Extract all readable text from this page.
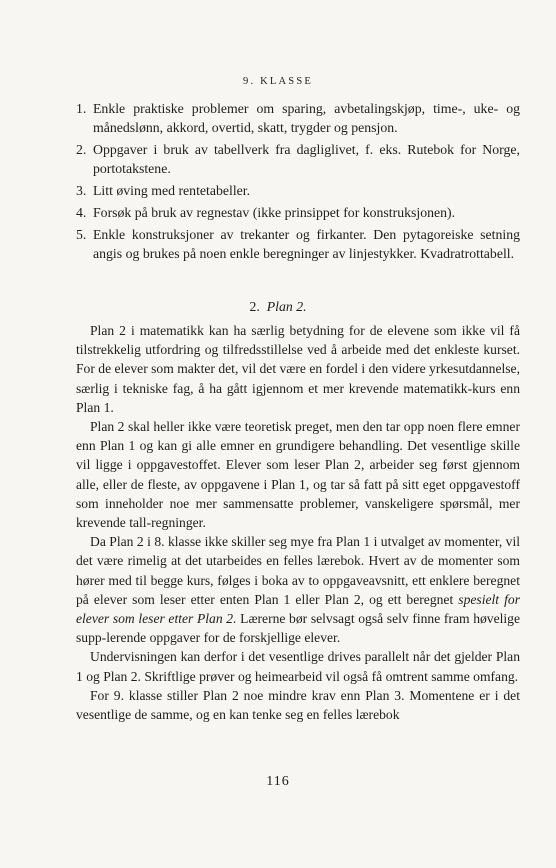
9. KLASSE
1. Enkle praktiske problemer om sparing, avbetalingskjøp, time-, uke- og månedslønn, akkord, overtid, skatt, trygder og pensjon.
2. Oppgaver i bruk av tabellverk fra dagliglivet, f. eks. Rutebok for Norge, portotakstene.
3. Litt øving med rentetabeller.
4. Forsøk på bruk av regnestav (ikke prinsippet for konstruksjonen).
5. Enkle konstruksjoner av trekanter og firkanter. Den pytagoreiske setning angis og brukes på noen enkle beregninger av linjestykker. Kvadratrottabell.
2. Plan 2.

Plan 2 i matematikk kan ha særlig betydning for de elevene som ikke vil få tilstrekkelig utfordring og tilfredsstillelse ved å arbeide med det enkleste kurset. For de elever som makter det, vil det være en fordel i den videre yrkesutdannelse, særlig i tekniske fag, å ha gått igjennom et mer krevende matematikk-kurs enn Plan 1.

Plan 2 skal heller ikke være teoretisk preget, men den tar opp noen flere emner enn Plan 1 og kan gi alle emner en grundigere behandling. Det vesentlige skille vil ligge i oppgavestoffet. Elever som leser Plan 2, arbeider seg først gjennom alle, eller de fleste, av oppgavene i Plan 1, og tar så fatt på sitt eget oppgavestoff som inneholder noe mer sammensatte problemer, vanskeligere spørsmål, mer krevende tall-regninger.

Da Plan 2 i 8. klasse ikke skiller seg mye fra Plan 1 i utvalget av momenter, vil det være rimelig at det utarbeides en felles lærebok. Hvert av de momenter som hører med til begge kurs, følges i boka av to oppgaveavsnitt, ett enklere beregnet på elever som leser etter enten Plan 1 eller Plan 2, og ett beregnet spesielt for elever som leser etter Plan 2. Lærerne bør selvsagt også selv finne fram høvelige supp-lerende oppgaver for de forskjellige elever.

Undervisningen kan derfor i det vesentlige drives parallelt når det gjelder Plan 1 og Plan 2. Skriftlige prøver og heimearbeid vil også få omtrent samme omfang.

For 9. klasse stiller Plan 2 noe mindre krav enn Plan 3. Momentene er i det vesentlige de samme, og en kan tenke seg en felles lærebok

116
